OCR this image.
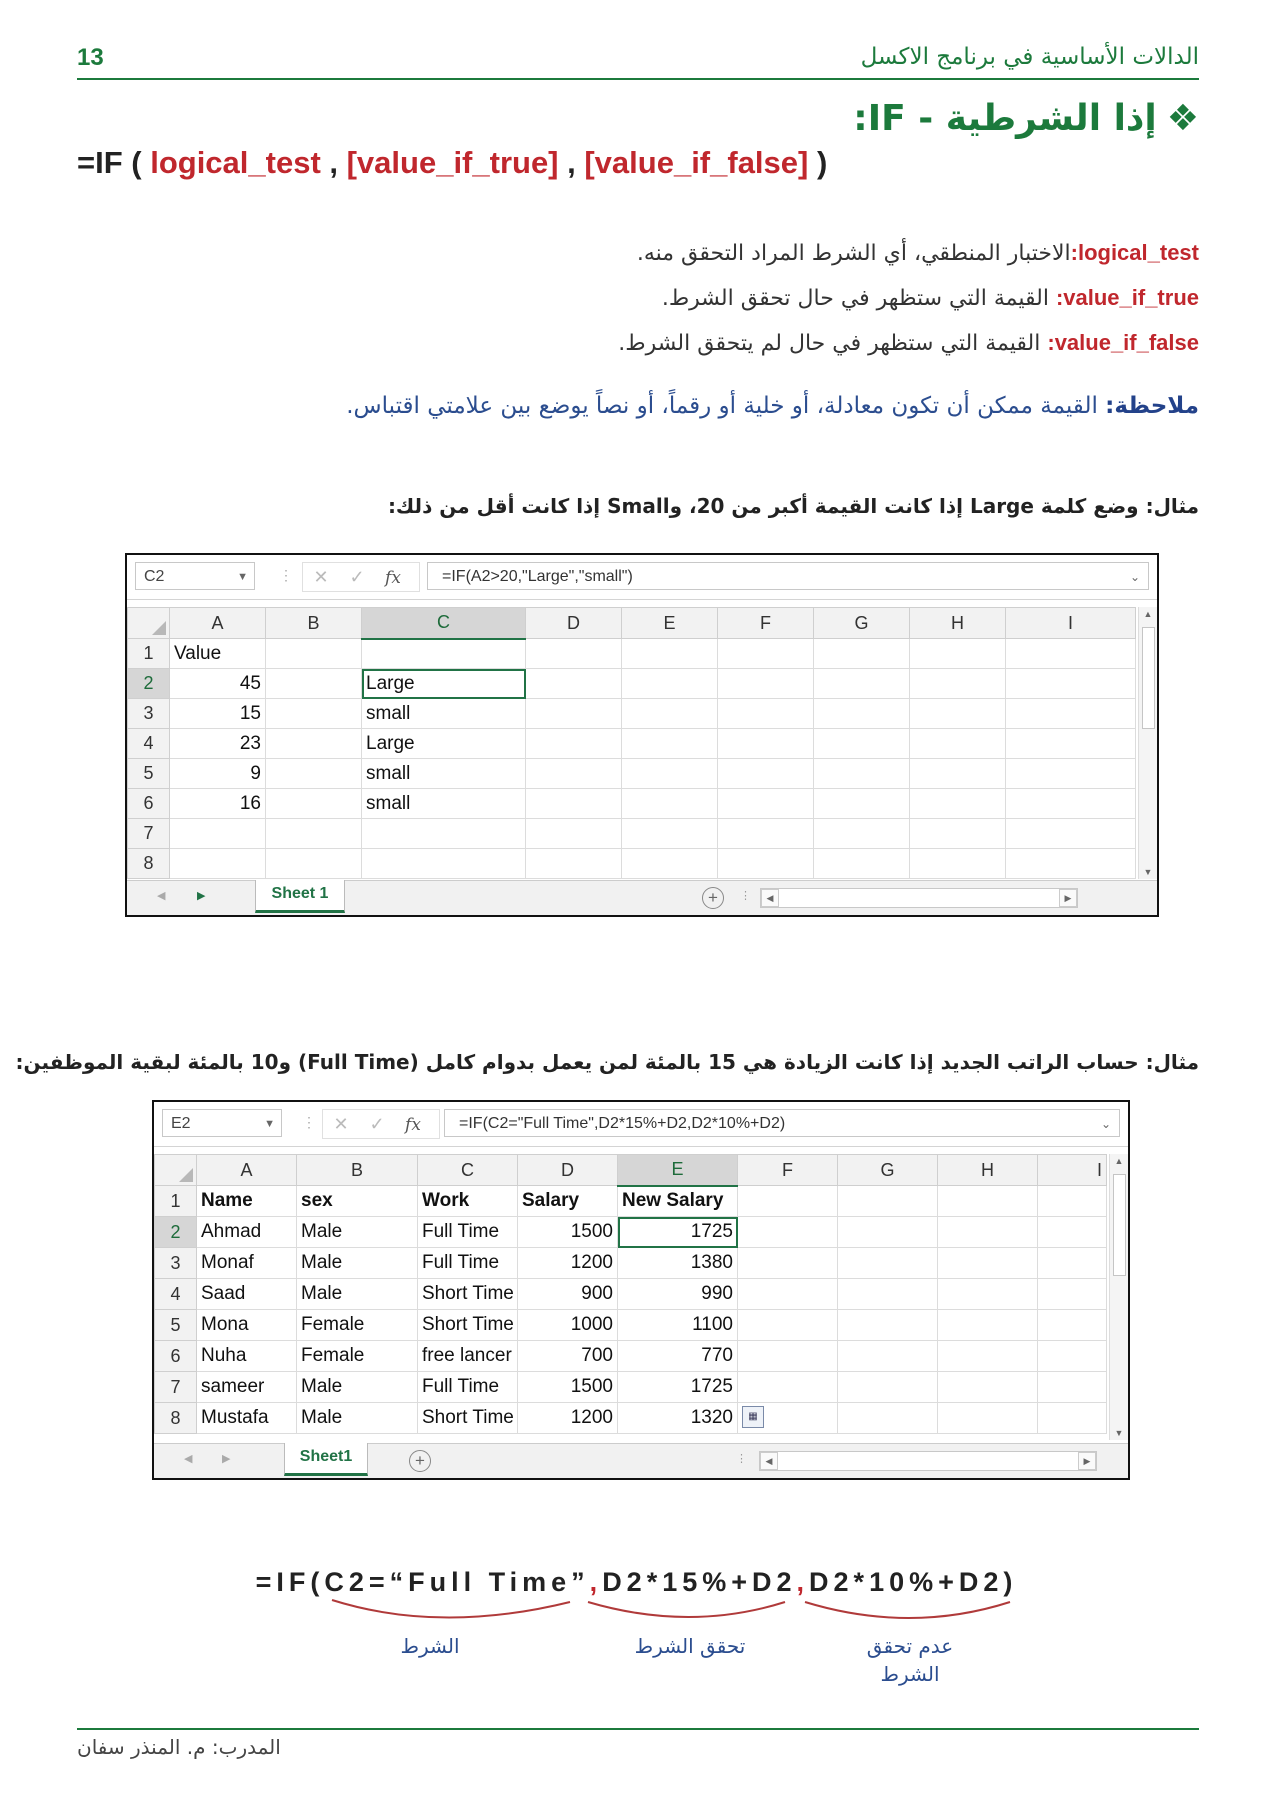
13	الدالات الأساسية في برنامج الاكسل
❖إذا الشرطية - IF:
=IF ( logical_test , [value_if_true] , [value_if_false] )
logical_test:الاختبار المنطقي، أي الشرط المراد التحقق منه.
value_if_true: القيمة التي ستظهر في حال تحقق الشرط.
value_if_false: القيمة التي ستظهر في حال لم يتحقق الشرط.
ملاحظة: القيمة ممكن أن تكون معادلة، أو خلية أو رقماً، أو نصاً يوضع بين علامتي اقتباس.
مثال: وضع كلمة Large إذا كانت القيمة أكبر من 20، وSmall إذا كانت أقل من ذلك:
C2	▼ ⋮	✕ ✓ fx	=IF(A2>20,"Large","small")	⌄
	A	B	C	D	E	F	G	H	I
1	Value								
2	45		Large						
3	15		small						
4	23		Large						
5	9		small						
6	16		small						
7									
8									
▲
▼
◀	▶	Sheet 1	+	⋮	◀	▶
مثال: حساب الراتب الجديد إذا كانت الزيادة هي 15 بالمئة لمن يعمل بدوام كامل (Full Time) و10 بالمئة لبقية الموظفين:
E2	▼ ⋮ ✕ ✓ fx	=IF(C2="Full Time",D2*15%+D2,D2*10%+D2)	⌄
	A	B	C	D	E	F	G	H	I
1	Name	sex	Work	Salary	New Salary				
2	Ahmad	Male	Full Time	1500	1725				
3	Monaf	Male	Full Time	1200	1380				
4	Saad	Male	Short Time	900	990				
5	Mona	Female	Short Time	1000	1100				
6	Nuha	Female	free lancer	700	770				
7	sameer	Male	Full Time	1500	1725				
8	Mustafa	Male	Short Time	1200	1320	▦			

▲
▼
◀	▶	Sheet1	+	⋮	◀	▶
=IF(C2=“Full Time”,D2*15%+D2,D2*10%+D2)
الشرط	تحقق الشرط	عدم تحقق
الشرط
المدرب: م. المنذر سفان
